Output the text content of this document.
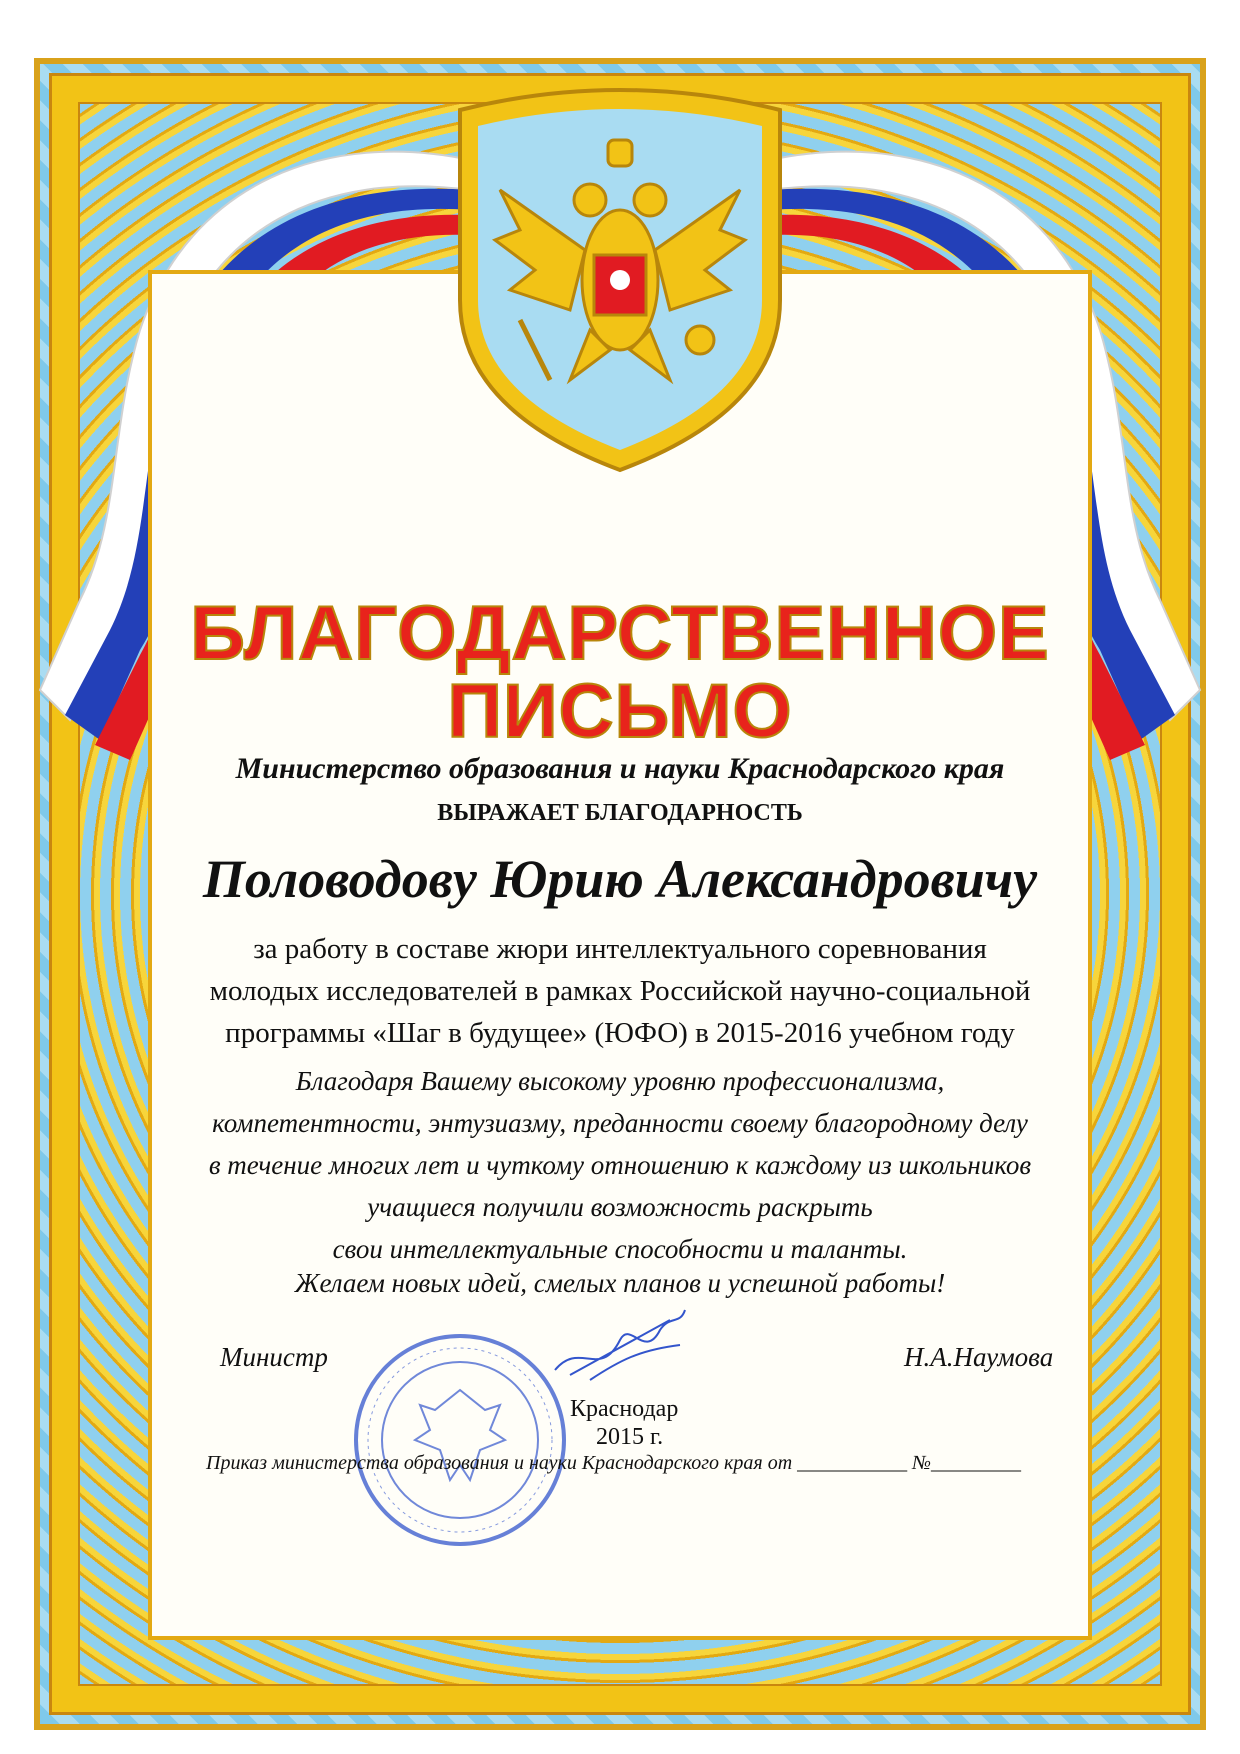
БЛАГОДАРСТВЕННОЕ
ПИСЬМО
Министерство образования и науки Краснодарского края
ВЫРАЖАЕТ БЛАГОДАРНОСТЬ
Половодову Юрию Александровичу
за работу в составе жюри интеллектуального соревнования
молодых исследователей в рамках Российской научно-социальной
программы «Шаг в будущее» (ЮФО) в 2015-2016 учебном году
Благодаря Вашему высокому уровню профессионализма,
компетентности, энтузиазму, преданности своему благородному делу
в течение многих лет и чуткому отношению к каждому из школьников
учащиеся получили возможность раскрыть
свои интеллектуальные способности и таланты.
Желаем новых идей, смелых планов и успешной работы!
Министр	Н.А.Наумова
Краснодар
2015 г.
Приказ министерства образования и науки Краснодарского края от ___________ №_________
